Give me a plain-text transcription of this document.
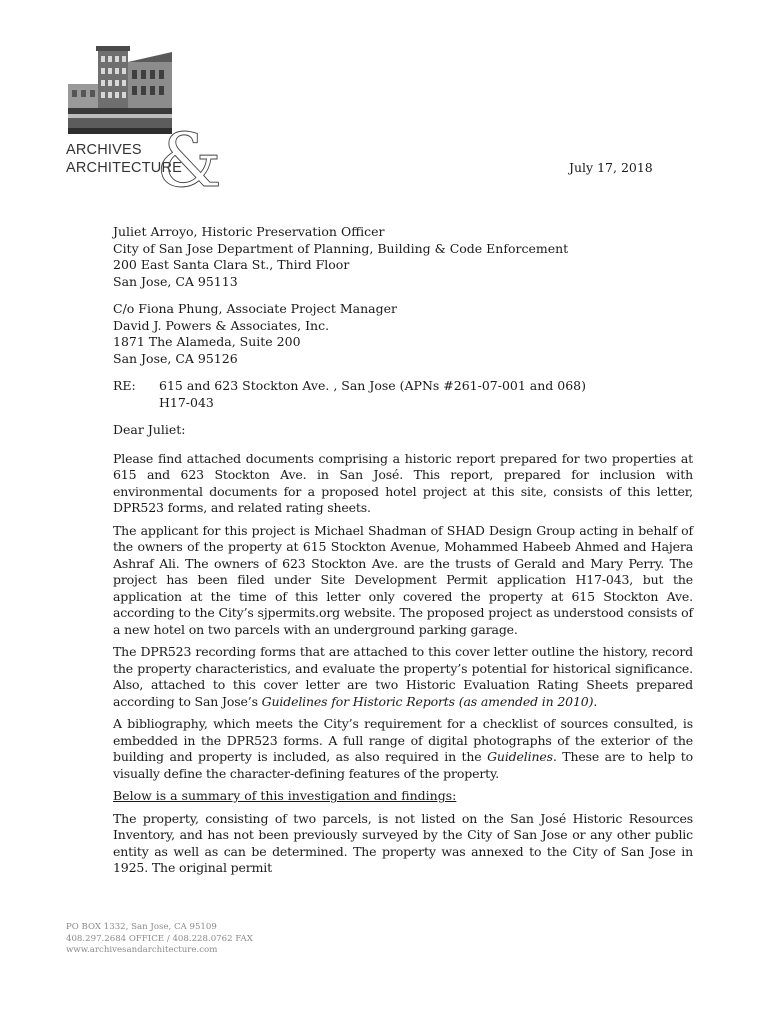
ARCHIVES
ARCHITECTURE
&	July 17, 2018

Juliet Arroyo, Historic Preservation Officer

City of San Jose Department of Planning, Building & Code Enforcement

200 East Santa Clara St., Third Floor

San Jose, CA 95113

C/o Fiona Phung, Associate Project Manager

David J. Powers & Associates, Inc.

1871 The Alameda, Suite 200

San Jose, CA 95126

RE:	615 and 623 Stockton Ave. , San Jose (APNs #261-07-001 and 068)

H17-043

Dear Juliet:

Please find attached documents comprising a historic report prepared for two properties at 615 and 623 Stockton Ave. in San José. This report, prepared for inclusion with environmental documents for a proposed hotel project at this site, consists of this letter, DPR523 forms, and related rating sheets.

The applicant for this project is Michael Shadman of SHAD Design Group acting in behalf of the owners of the property at 615 Stockton Avenue, Mohammed Habeeb Ahmed and Hajera Ashraf Ali. The owners of 623 Stockton Ave. are the trusts of Gerald and Mary Perry. The project has been filed under Site Development Permit application H17-043, but the application at the time of this letter only covered the property at 615 Stockton Ave. according to the City’s sjpermits.org website. The proposed project as understood consists of a new hotel on two parcels with an underground parking garage.

The DPR523 recording forms that are attached to this cover letter outline the history, record the property characteristics, and evaluate the property’s potential for historical significance. Also, attached to this cover letter are two Historic Evaluation Rating Sheets prepared according to San Jose’s Guidelines for Historic Reports (as amended in 2010).

A bibliography, which meets the City’s requirement for a checklist of sources consulted, is embedded in the DPR523 forms. A full range of digital photographs of the exterior of the building and property is included, as also required in the Guidelines. These are to help to visually define the character-defining features of the property.

Below is a summary of this investigation and findings:

The property, consisting of two parcels, is not listed on the San José Historic Resources Inventory, and has not been previously surveyed by the City of San Jose or any other public entity as well as can be determined. The property was annexed to the City of San Jose in 1925. The original permit

PO BOX 1332, San Jose, CA 95109

408.297.2684 OFFICE / 408.228.0762 FAX

www.archivesandarchitecture.com
